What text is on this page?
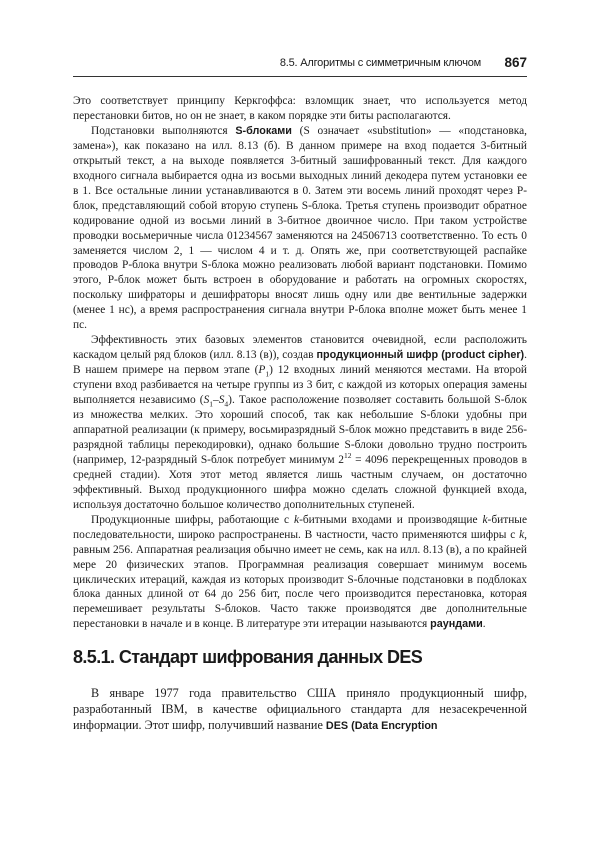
8.5. Алгоритмы с симметричным ключом 867

Это соответствует принципу Керкгоффса: взломщик знает, что используется метод перестановки битов, но он не знает, в каком порядке эти биты располагаются.

Подстановки выполняются S-блоками (S означает «substitution» — «подстановка, замена»), как показано на илл. 8.13 (б). В данном примере на вход подается 3-битный открытый текст, а на выходе появляется 3-битный зашифрованный текст. Для каждого входного сигнала выбирается одна из восьми выходных линий декодера путем установки ее в 1. Все остальные линии устанавливаются в 0. Затем эти восемь линий проходят через P-блок, представляющий собой вторую ступень S-блока. Третья ступень производит обратное кодирование одной из восьми линий в 3-битное двоичное число. При таком устройстве проводки восьмеричные числа 01234567 заменяются на 24506713 соответственно. То есть 0 заменяется числом 2, 1 — числом 4 и т. д. Опять же, при соответствующей распайке проводов P-блока внутри S-блока можно реализовать любой вариант подстановки. Помимо этого, P-блок может быть встроен в оборудование и работать на огромных скоростях, поскольку шифраторы и дешифраторы вносят лишь одну или две вентильные задержки (менее 1 нс), а время распространения сигнала внутри P-блока вполне может быть менее 1 пс.

Эффективность этих базовых элементов становится очевидной, если расположить каскадом целый ряд блоков (илл. 8.13 (в)), создав продукционный шифр (product cipher). В нашем примере на первом этапе $(P_1)$ 12 входных линий меняются местами. На второй ступени вход разбивается на четыре группы из 3 бит, с каждой из которых операция замены выполняется независимо $(S_1-S_4)$. Такое расположение позволяет составить большой S-блок из множества мелких. Это хороший способ, так как небольшие S-блоки удобны при аппаратной реализации (к примеру, восьмиразрядный S-блок можно представить в виде 256-разрядной таблицы перекодировки), однако большие S-блоки довольно трудно построить (например, 12-разрядный S-блок потребует минимум $2^{12} = 4096$ перекрещенных проводов в средней стадии). Хотя этот метод является лишь частным случаем, он достаточно эффективный. Выход продукционного шифра можно сделать сложной функцией входа, используя достаточно большое количество дополнительных ступеней.

Продукционные шифры, работающие с k-битными входами и производящие k-битные последовательности, широко распространены. В частности, часто применяются шифры с k, равным 256. Аппаратная реализация обычно имеет не семь, как на илл. 8.13 (в), а по крайней мере 20 физических этапов. Программная реализация совершает минимум восемь циклических итераций, каждая из которых производит S-блочные подстановки в подблоках блока данных длиной от 64 до 256 бит, после чего производится перестановка, которая перемешивает результаты S-блоков. Часто также производятся две дополнительные перестановки в начале и в конце. В литературе эти итерации называются раундами.

8.5.1. Стандарт шифрования данных DES

В январе 1977 года правительство США приняло продукционный шифр, разработанный IBM, в качестве официального стандарта для незасекреченной информации. Этот шифр, получивший название DES (Data Encryption
